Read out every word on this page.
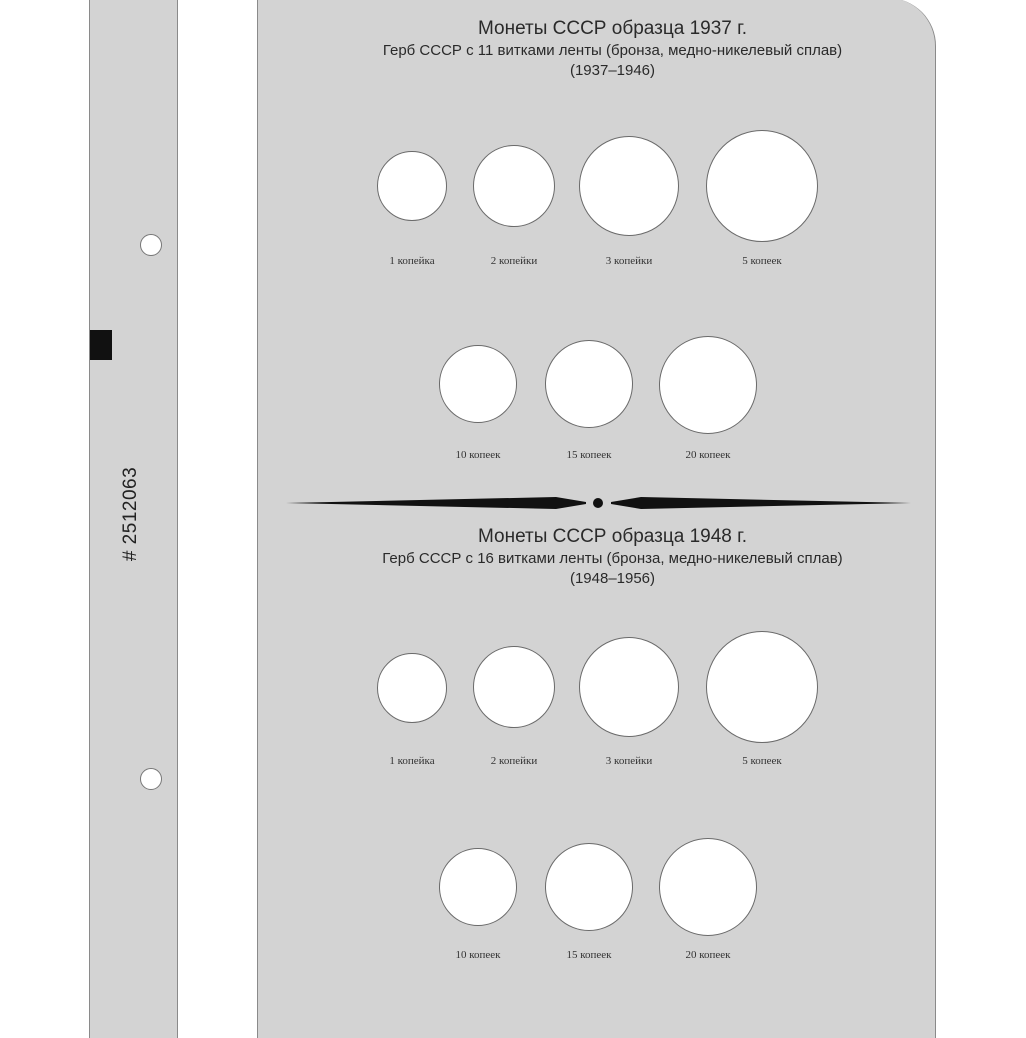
# 2512063
Монеты СССР образца 1937 г.
Герб СССР с 11 витками ленты (бронза, медно-никелевый сплав)
(1937–1946)
1 копейка	2 копейки	3 копейки	5 копеек
10 копеек	15 копеек	20 копеек
Монеты СССР образца 1948 г.
Герб СССР с 16 витками ленты (бронза, медно-никелевый сплав)
(1948–1956)
1 копейка	2 копейки	3 копейки	5 копеек
10 копеек	15 копеек	20 копеек
